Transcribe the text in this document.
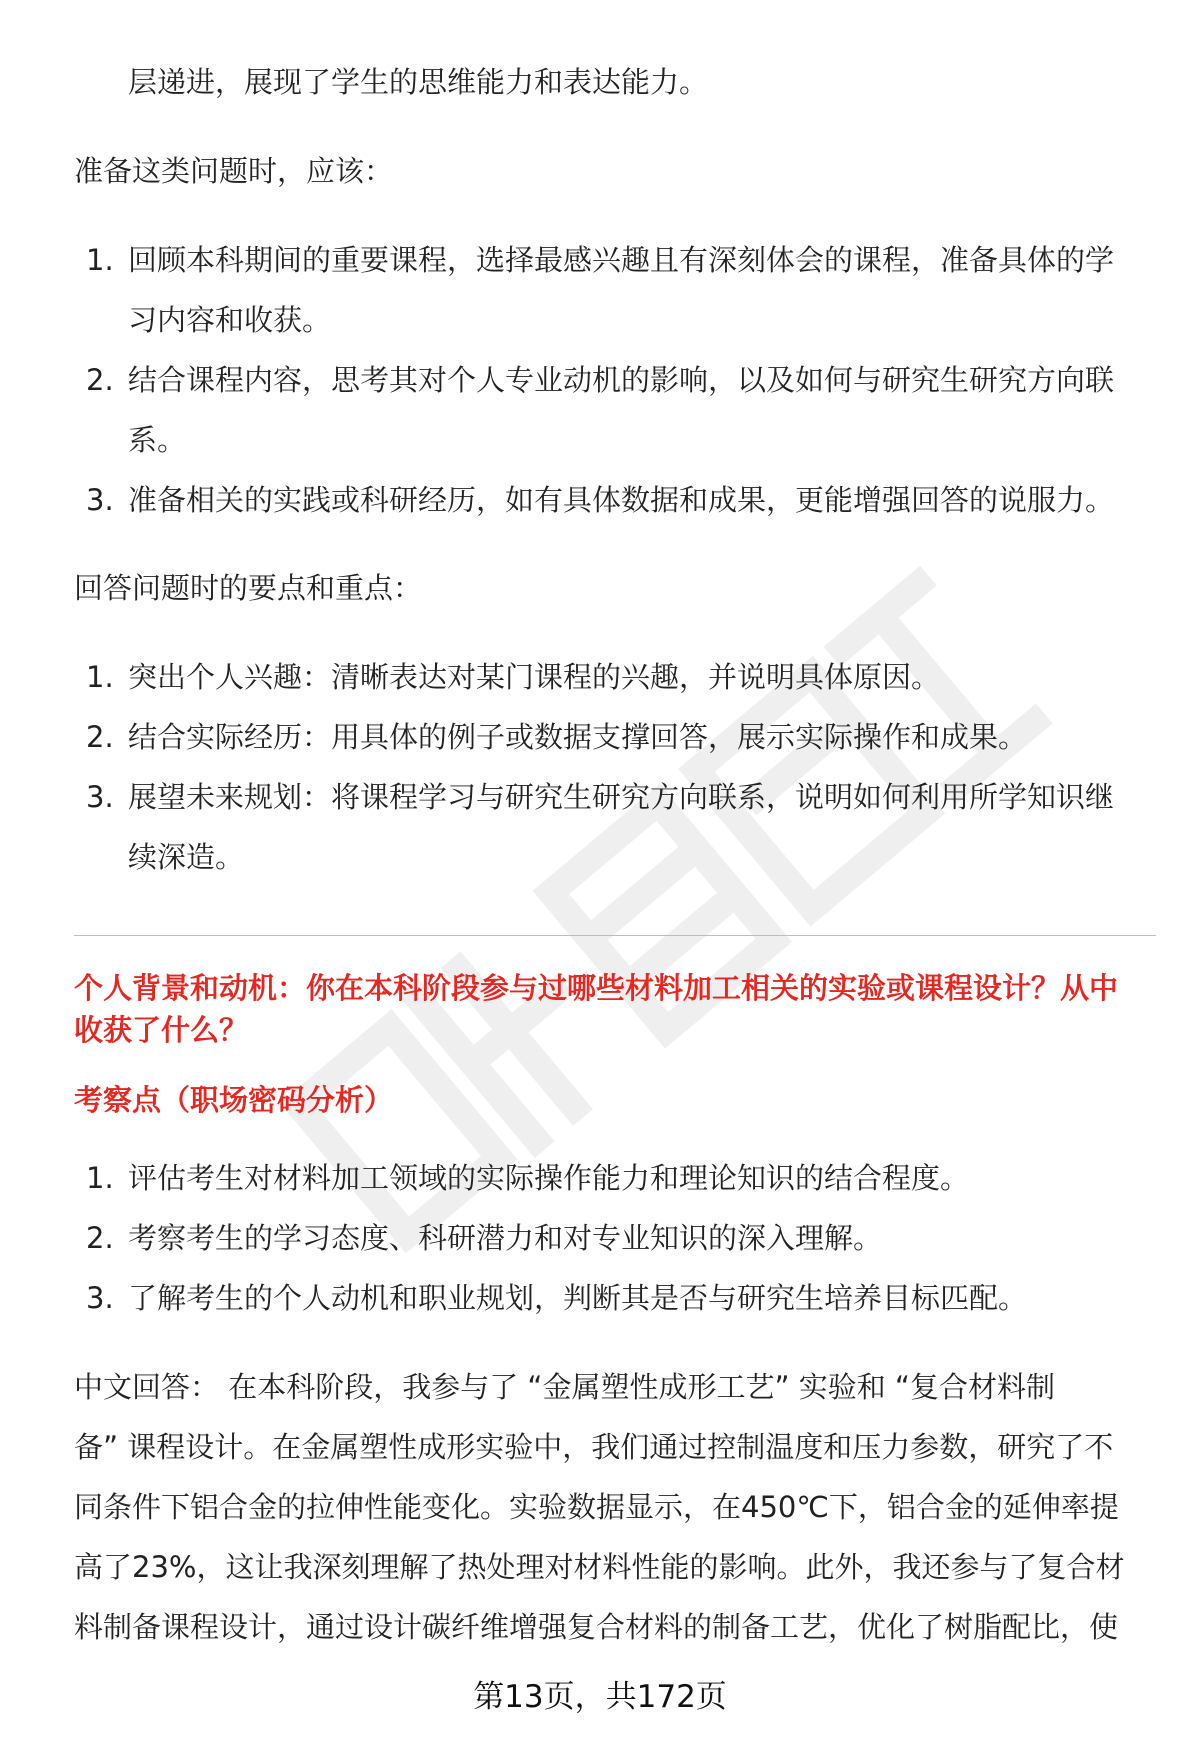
层递进，展现了学生的思维能力和表达能力。
准备这类问题时，应该：
1. 回顾本科期间的重要课程，选择最感兴趣且有深刻体会的课程，准备具体的学
习内容和收获。
2. 结合课程内容，思考其对个人专业动机的影响，以及如何与研究生研究方向联
系。
3. 准备相关的实践或科研经历，如有具体数据和成果，更能增强回答的说服力。
回答问题时的要点和重点：
1. 突出个人兴趣：清晰表达对某门课程的兴趣，并说明具体原因。
2. 结合实际经历：用具体的例子或数据支撑回答，展示实际操作和成果。
3. 展望未来规划：将课程学习与研究生研究方向联系，说明如何利用所学知识继
续深造。
个人背景和动机：你在本科阶段参与过哪些材料加工相关的实验或课程设计？从中
收获了什么？
考察点（职场密码分析）
1. 评估考生对材料加工领域的实际操作能力和理论知识的结合程度。
2. 考察考生的学习态度、科研潜力和对专业知识的深入理解。
3. 了解考生的个人动机和职业规划，判断其是否与研究生培养目标匹配。
中文回答： 在本科阶段，我参与了 “金属塑性成形工艺” 实验和 “复合材料制
备” 课程设计。在金属塑性成形实验中，我们通过控制温度和压力参数，研究了不
同条件下铝合金的拉伸性能变化。实验数据显示，在450℃下，铝合金的延伸率提
高了23%，这让我深刻理解了热处理对材料性能的影响。此外，我还参与了复合材
料制备课程设计，通过设计碳纤维增强复合材料的制备工艺，优化了树脂配比，使
第13页，共172页
